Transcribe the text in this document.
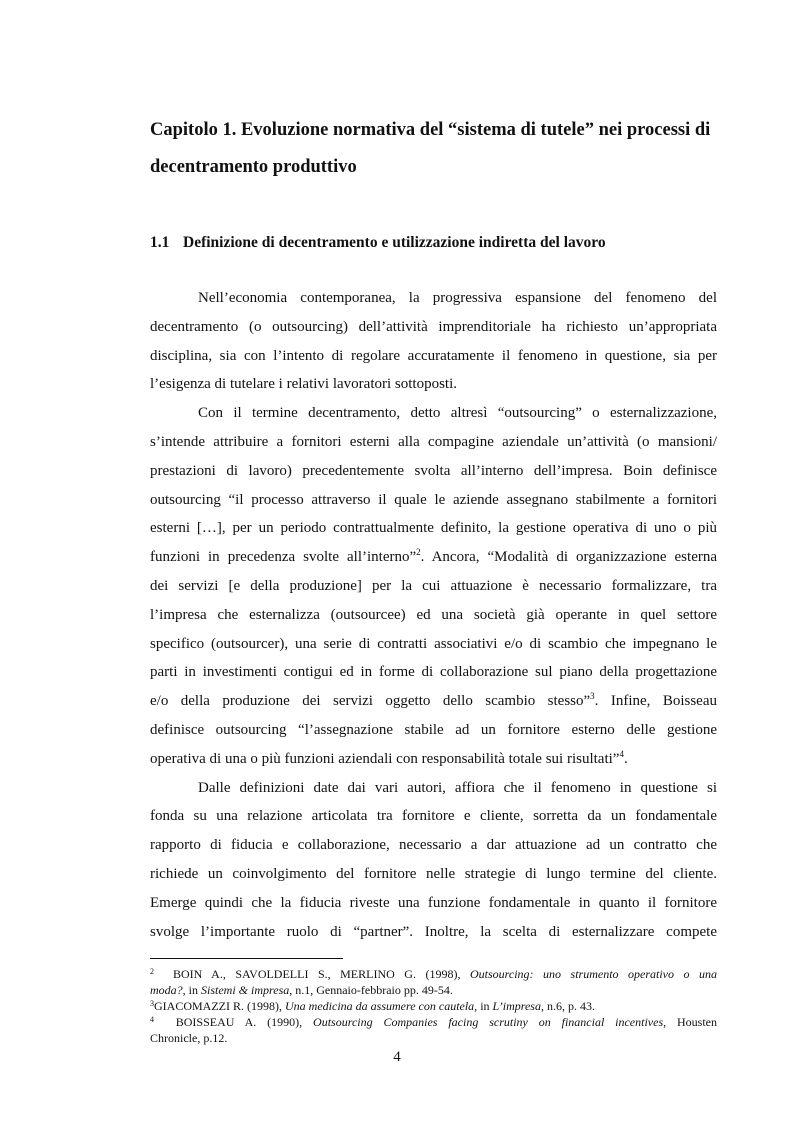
Capitolo 1. Evoluzione normativa del “sistema di tutele” nei processi di
decentramento produttivo
1.1 Definizione di decentramento e utilizzazione indiretta del lavoro
Nell’economia contemporanea, la progressiva espansione del fenomeno del
decentramento (o outsourcing) dell’attività imprenditoriale ha richiesto un’appropriata
disciplina, sia con l’intento di regolare accuratamente il fenomeno in questione, sia per
l’esigenza di tutelare i relativi lavoratori sottoposti.
Con il termine decentramento, detto altresì “outsourcing” o esternalizzazione,
s’intende attribuire a fornitori esterni alla compagine aziendale un’attività (o mansioni/
prestazioni di lavoro) precedentemente svolta all’interno dell’impresa. Boin definisce
outsourcing “il processo attraverso il quale le aziende assegnano stabilmente a fornitori
esterni […], per un periodo contrattualmente definito, la gestione operativa di uno o più
funzioni in precedenza svolte all’interno”$^2$. Ancora, “Modalità di organizzazione esterna
dei servizi [e della produzione] per la cui attuazione è necessario formalizzare, tra
l’impresa che esternalizza (outsourcee) ed una società già operante in quel settore
specifico (outsourcer), una serie di contratti associativi e/o di scambio che impegnano le
parti in investimenti contigui ed in forme di collaborazione sul piano della progettazione
e/o della produzione dei servizi oggetto dello scambio stesso”$^3$. Infine, Boisseau
definisce outsourcing “l’assegnazione stabile ad un fornitore esterno delle gestione
operativa di una o più funzioni aziendali con responsabilità totale sui risultati”$^4$.
Dalle definizioni date dai vari autori, affiora che il fenomeno in questione si
fonda su una relazione articolata tra fornitore e cliente, sorretta da un fondamentale
rapporto di fiducia e collaborazione, necessario a dar attuazione ad un contratto che
richiede un coinvolgimento del fornitore nelle strategie di lungo termine del cliente.
Emerge quindi che la fiducia riveste una funzione fondamentale in quanto il fornitore
svolge l’importante ruolo di “partner”. Inoltre, la scelta di esternalizzare compete
$^2$ BOIN A., SAVOLDELLI S., MERLINO G. (1998), Outsourcing: uno strumento operativo o una
moda?, in Sistemi & impresa, n.1, Gennaio-febbraio pp. 49-54.
$^3$GIACOMAZZI R. (1998), Una medicina da assumere con cautela, in L’impresa, n.6, p. 43.
$^4$ BOISSEAU A. (1990), Outsourcing Companies facing scrutiny on financial incentives, Housten
Chronicle, p.12.
4
